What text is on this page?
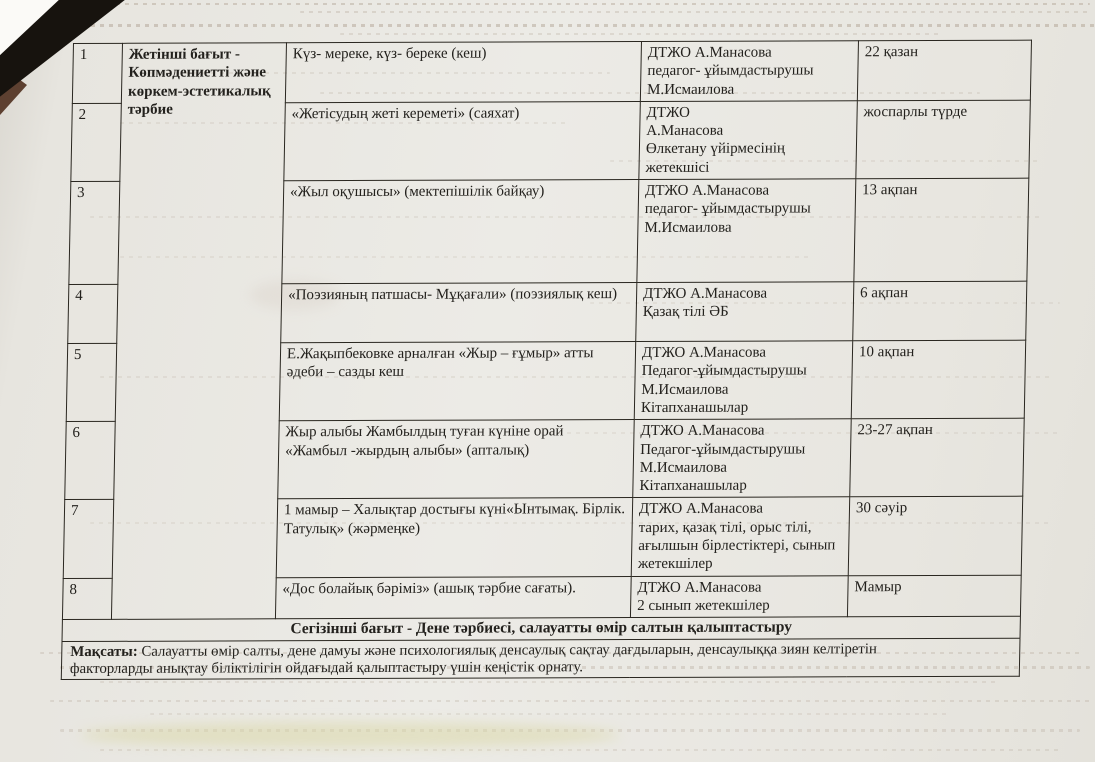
1	Жетінші бағыт -
Көпмәдениетті және
көркем-эстетикалық
тәрбие	Күз- мереке, күз- береке (кеш)	ДТЖО А.Манасова
педагог- ұйымдастырушы
М.Исмаилова	22 қазан
2		«Жетісудың жеті кереметі» (саяхат)	ДТЖО
А.Манасова
Өлкетану үйірмесінің
жетекшісі	жоспарлы түрде
3		«Жыл оқушысы» (мектепішілік байқау)	ДТЖО А.Манасова
педагог- ұйымдастырушы
М.Исмаилова	13 ақпан
4		«Поэзияның патшасы- Мұқағали» (поэзиялық кеш)	ДТЖО А.Манасова
Қазақ тілі ӘБ	6 ақпан
5		Е.Жақыпбековке арналған «Жыр – ғұмыр» атты әдеби – сазды кеш	ДТЖО А.Манасова
Педагог-ұйымдастырушы
М.Исмаилова
Кітапханашылар	10 ақпан
6		Жыр алыбы Жамбылдың туған күніне орай «Жамбыл -жырдың алыбы» (апталық)	ДТЖО А.Манасова
Педагог-ұйымдастырушы
М.Исмаилова
Кітапханашылар	23-27 ақпан
7		1 мамыр – Халықтар достығы күні«Ынтымақ. Бірлік. Татулық» (жәрмеңке)	ДТЖО А.Манасова
тарих, қазақ тілі, орыс тілі,
ағылшын бірлестіктері, сынып
жетекшілер	30 сәуір
8		«Дос болайық бәріміз» (ашық тәрбие сағаты).	ДТЖО А.Манасова
2 сынып жетекшілер	Мамыр
Сегізінші бағыт - Дене тәрбиесі, салауатты өмір салтын қалыптастыру				
Мақсаты: Салауатты өмір салты, дене дамуы және психологиялық денсаулық сақтау дағдыларын, денсаулыққа зиян келтіретін
факторларды анықтау біліктілігін ойдағыдай қалыптастыру үшін кеңістік орнату.				
